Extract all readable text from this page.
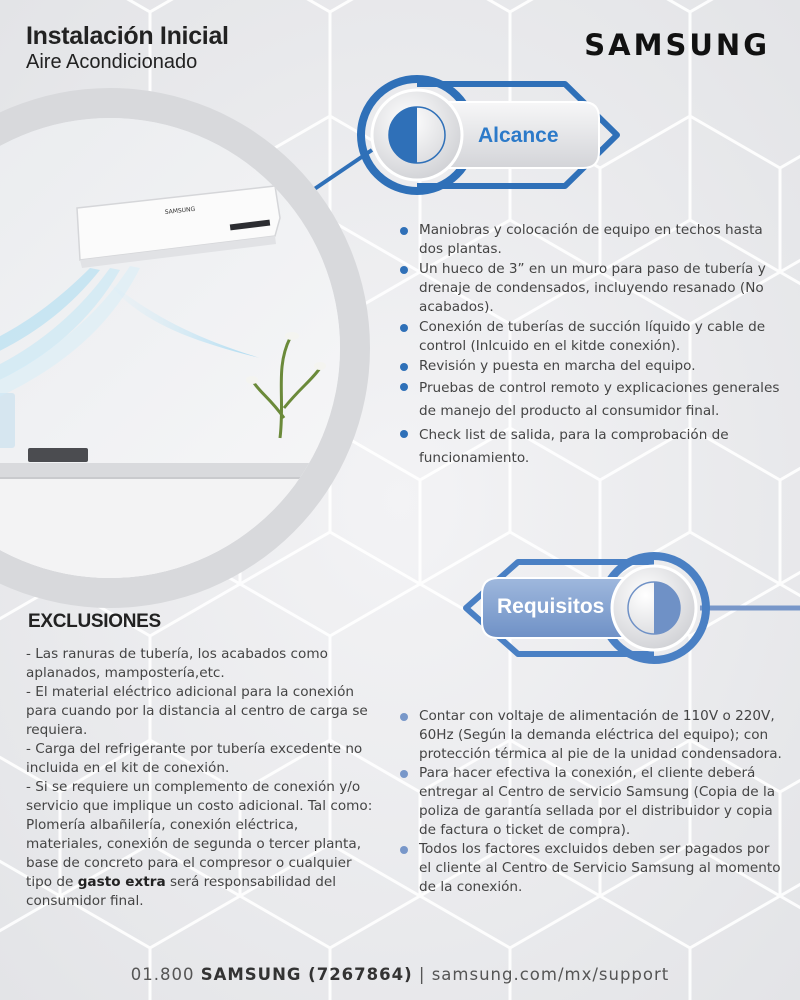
Instalación Inicial
Aire Acondicionado	SAMSUNG
SAMSUNG
Alcance
Maniobras y colocación de equipo en techos hasta dos plantas.
Un hueco de 3” en un muro para paso de tubería y drenaje de condensados, incluyendo resanado (No acabados).
Conexión de tuberías de succión líquido y cable de control (Inlcuido en el kitde conexión).
Revisión y puesta en marcha del equipo.
Pruebas de control remoto y explicaciones generales de manejo del producto al consumidor final.
Check list de salida, para la comprobación de funcionamiento.
Requisitos
Contar con voltaje de alimentación de 110V o 220V, 60Hz (Según la demanda eléctrica del equipo); con protección térmica al pie de la unidad condensadora.
Para hacer efectiva la conexión, el cliente deberá entregar al Centro de servicio Samsung (Copia de la poliza de garantía sellada por el distribuidor y copia de factura o ticket de compra).
Todos los factores excluidos deben ser pagados por el cliente al Centro de Servicio Samsung al momento de la conexión.
EXCLUSIONES

- Las ranuras de tubería, los acabados como aplanados, mampostería,etc.

- El material eléctrico adicional para la conexión para cuando por la distancia al centro de carga se requiera.

- Carga del refrigerante por tubería excedente no incluida en el kit de conexión.

- Si se requiere un complemento de conexión y/o servicio que implique un costo adicional. Tal como: Plomería albañilería, conexión eléctrica, materiales, conexión de segunda o tercer planta, base de concreto para el compresor o cualquier tipo de gasto extra será responsabilidad del consumidor final.

01.800 SAMSUNG (7267864) | samsung.com/mx/support
